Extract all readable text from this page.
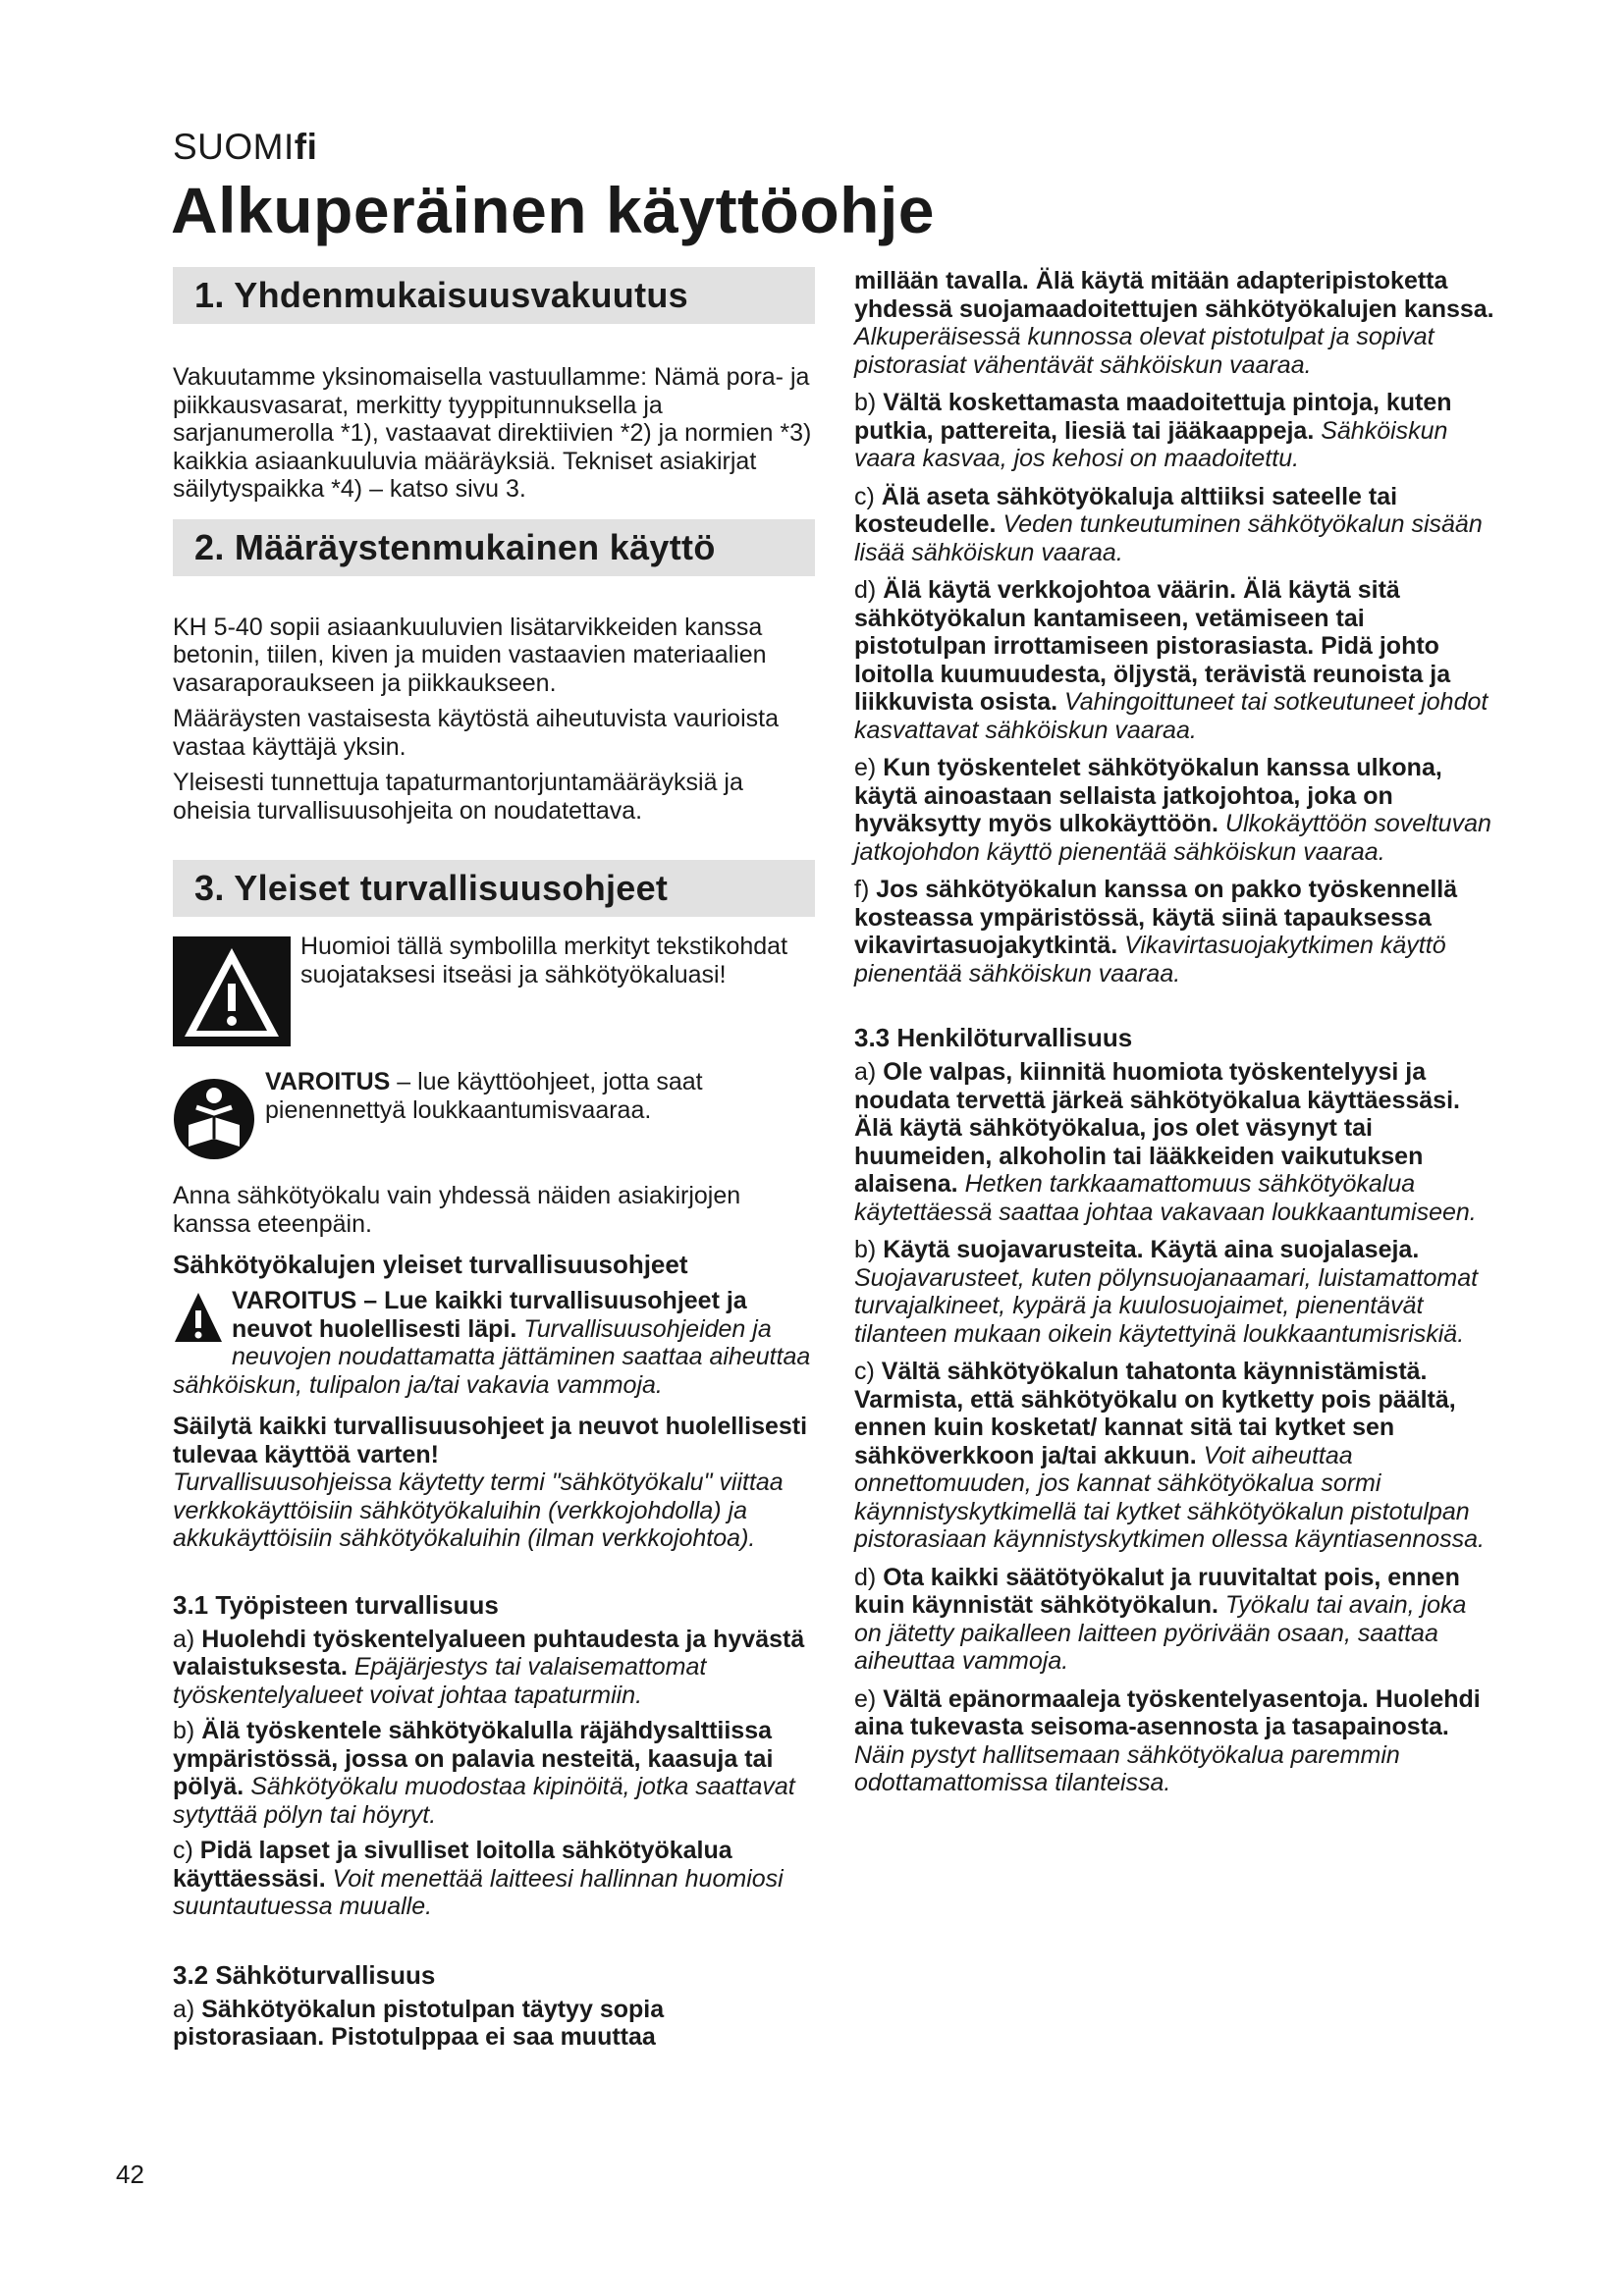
SUOMIfi
Alkuperäinen käyttöohje
1. Yhdenmukaisuusvakuutus

Vakuutamme yksinomaisella vastuullamme: Nämä pora- ja piikkausvasarat, merkitty tyyppitunnuksella ja sarjanumerolla *1), vastaavat direktiivien *2) ja normien *3) kaikkia asiaankuuluvia määräyksiä. Tekniset asiakirjat säilytyspaikka *4) – katso sivu 3.

2. Määräystenmukainen käyttö

KH 5-40 sopii asiaankuuluvien lisätarvikkeiden kanssa betonin, tiilen, kiven ja muiden vastaavien materiaalien vasaraporaukseen ja piikkaukseen.

Määräysten vastaisesta käytöstä aiheutuvista vaurioista vastaa käyttäjä yksin.

Yleisesti tunnettuja tapaturmantorjuntamääräyksiä ja oheisia turvallisuusohjeita on noudatettava.

3. Yleiset turvallisuusohjeet

Huomioi tällä symbolilla merkityt tekstikohdat suojataksesi itseäsi ja sähkötyökaluasi!

VAROITUS – lue käyttöohjeet, jotta saat pienennettyä loukkaantumisvaaraa.

Anna sähkötyökalu vain yhdessä näiden asiakirjojen kanssa eteenpäin.

Sähkötyökalujen yleiset turvallisuusohjeet

VAROITUS – Lue kaikki turvallisuusohjeet ja neuvot huolellisesti läpi. Turvallisuusohjeiden ja neuvojen noudattamatta jättäminen saattaa aiheuttaa sähköiskun, tulipalon ja/tai vakavia vammoja.

Säilytä kaikki turvallisuusohjeet ja neuvot huolellisesti tulevaa käyttöä varten!
Turvallisuusohjeissa käytetty termi "sähkötyökalu" viittaa verkkokäyttöisiin sähkötyökaluihin (verkkojohdolla) ja akkukäyttöisiin sähkötyökaluihin (ilman verkkojohtoa).

3.1 Työpisteen turvallisuus

a) Huolehdi työskentelyalueen puhtaudesta ja hyvästä valaistuksesta. Epäjärjestys tai valaisemattomat työskentelyalueet voivat johtaa tapaturmiin.

b) Älä työskentele sähkötyökalulla räjähdysalttiissa ympäristössä, jossa on palavia nesteitä, kaasuja tai pölyä. Sähkötyökalu muodostaa kipinöitä, jotka saattavat sytyttää pölyn tai höyryt.

c) Pidä lapset ja sivulliset loitolla sähkötyökalua käyttäessäsi. Voit menettää laitteesi hallinnan huomiosi suuntautuessa muualle.

3.2 Sähköturvallisuus

a) Sähkötyökalun pistotulpan täytyy sopia pistorasiaan. Pistotulppaa ei saa muuttaa

millään tavalla. Älä käytä mitään adapteripistoketta yhdessä suojamaadoitettujen sähkötyökalujen kanssa. Alkuperäisessä kunnossa olevat pistotulpat ja sopivat pistorasiat vähentävät sähköiskun vaaraa.

b) Vältä koskettamasta maadoitettuja pintoja, kuten putkia, pattereita, liesiä tai jääkaappeja. Sähköiskun vaara kasvaa, jos kehosi on maadoitettu.

c) Älä aseta sähkötyökaluja alttiiksi sateelle tai kosteudelle. Veden tunkeutuminen sähkötyökalun sisään lisää sähköiskun vaaraa.

d) Älä käytä verkkojohtoa väärin. Älä käytä sitä sähkötyökalun kantamiseen, vetämiseen tai pistotulpan irrottamiseen pistorasiasta. Pidä johto loitolla kuumuudesta, öljystä, terävistä reunoista ja liikkuvista osista. Vahingoittuneet tai sotkeutuneet johdot kasvattavat sähköiskun vaaraa.

e) Kun työskentelet sähkötyökalun kanssa ulkona, käytä ainoastaan sellaista jatkojohtoa, joka on hyväksytty myös ulkokäyttöön. Ulkokäyttöön soveltuvan jatkojohdon käyttö pienentää sähköiskun vaaraa.

f) Jos sähkötyökalun kanssa on pakko työskennellä kosteassa ympäristössä, käytä siinä tapauksessa vikavirtasuojakytkintä. Vikavirtasuojakytkimen käyttö pienentää sähköiskun vaaraa.

3.3 Henkilöturvallisuus

a) Ole valpas, kiinnitä huomiota työskentelyysi ja noudata tervettä järkeä sähkötyökalua käyttäessäsi. Älä käytä sähkötyökalua, jos olet väsynyt tai huumeiden, alkoholin tai lääkkeiden vaikutuksen alaisena. Hetken tarkkaamattomuus sähkötyökalua käytettäessä saattaa johtaa vakavaan loukkaantumiseen.

b) Käytä suojavarusteita. Käytä aina suojalaseja. Suojavarusteet, kuten pölynsuojanaamari, luistamattomat turvajalkineet, kypärä ja kuulosuojaimet, pienentävät tilanteen mukaan oikein käytettyinä loukkaantumisriskiä.

c) Vältä sähkötyökalun tahatonta käynnistämistä. Varmista, että sähkötyökalu on kytketty pois päältä, ennen kuin kosketat/ kannat sitä tai kytket sen sähköverkkoon ja/tai akkuun. Voit aiheuttaa onnettomuuden, jos kannat sähkötyökalua sormi käynnistyskytkimellä tai kytket sähkötyökalun pistotulpan pistorasiaan käynnistyskytkimen ollessa käyntiasennossa.

d) Ota kaikki säätötyökalut ja ruuvitaltat pois, ennen kuin käynnistät sähkötyökalun. Työkalu tai avain, joka on jätetty paikalleen laitteen pyörivään osaan, saattaa aiheuttaa vammoja.

e) Vältä epänormaaleja työskentelyasentoja. Huolehdi aina tukevasta seisoma-asennosta ja tasapainosta. Näin pystyt hallitsemaan sähkötyökalua paremmin odottamattomissa tilanteissa.

42
